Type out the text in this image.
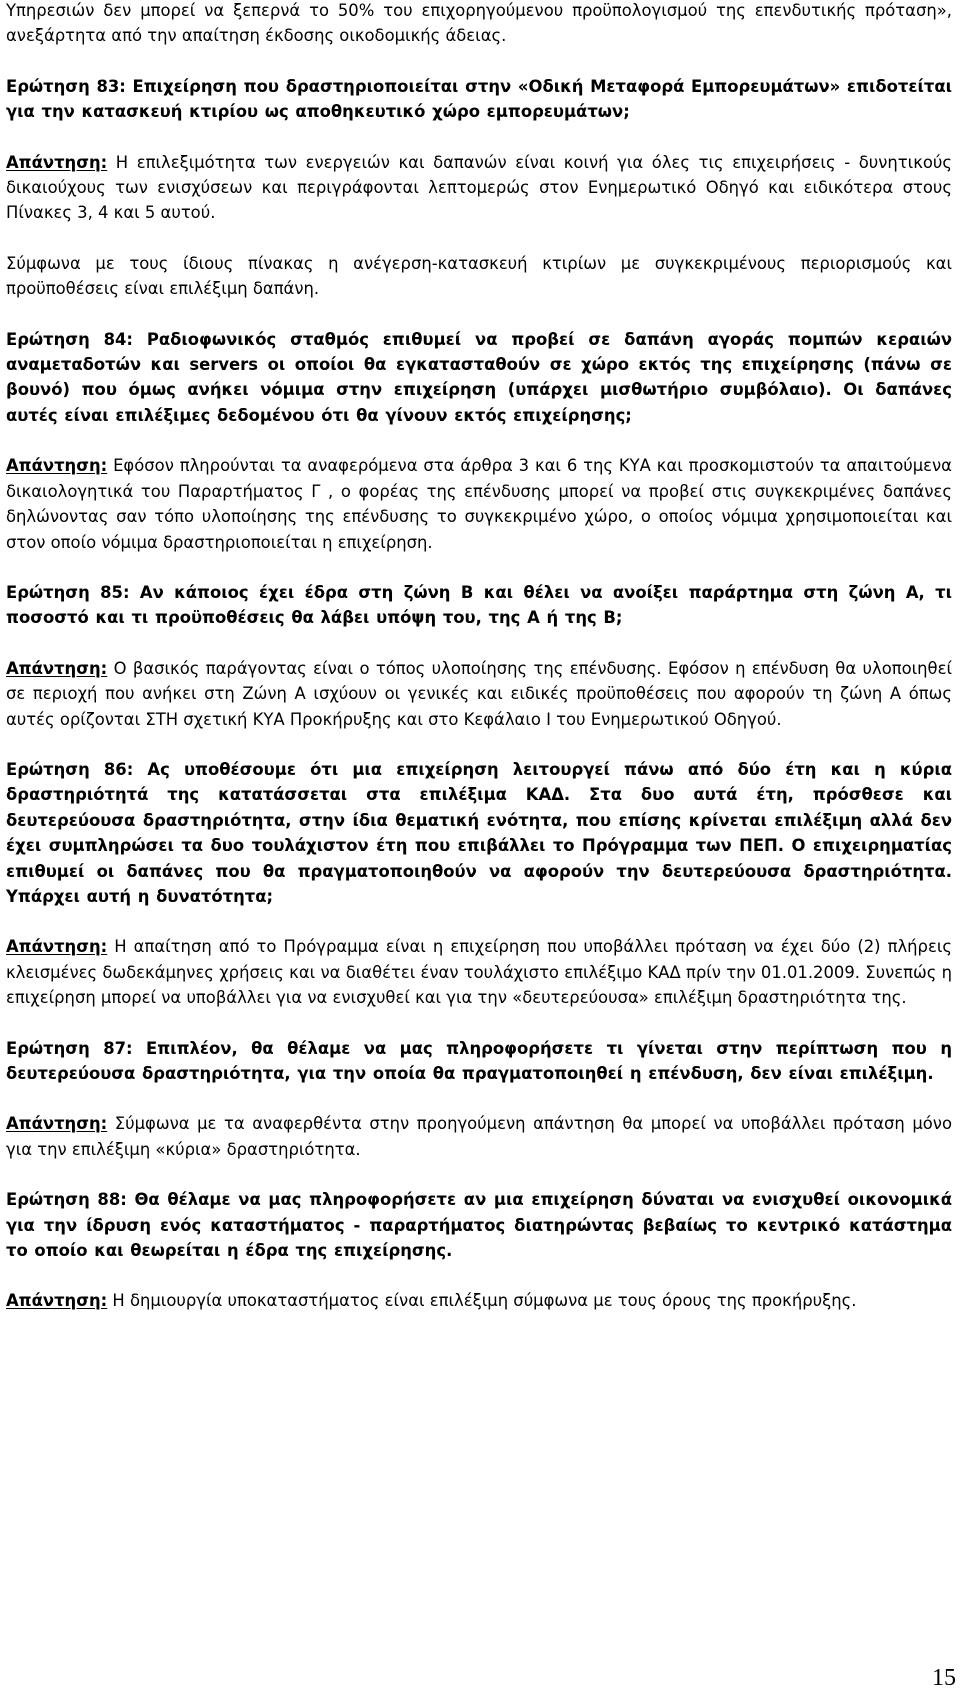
Υπηρεσιών δεν μπορεί να ξεπερνά το 50% του επιχορηγούμενου προϋπολογισμού της επενδυτικής πρόταση», ανεξάρτητα από την απαίτηση έκδοσης οικοδομικής άδειας.

Ερώτηση 83: Επιχείρηση που δραστηριοποιείται στην «Οδική Μεταφορά Εμπορευμάτων» επιδοτείται για την κατασκευή κτιρίου ως αποθηκευτικό χώρο εμπορευμάτων;

Απάντηση: Η επιλεξιμότητα των ενεργειών και δαπανών είναι κοινή για όλες τις επιχειρήσεις - δυνητικούς δικαιούχους των ενισχύσεων και περιγράφονται λεπτομερώς στον Ενημερωτικό Οδηγό και ειδικότερα στους Πίνακες 3, 4 και 5 αυτού.

Σύμφωνα με τους ίδιους πίνακας η ανέγερση-κατασκευή κτιρίων με συγκεκριμένους περιορισμούς και προϋποθέσεις είναι επιλέξιμη δαπάνη.

Ερώτηση 84: Ραδιοφωνικός σταθμός επιθυμεί να προβεί σε δαπάνη αγοράς πομπών κεραιών αναμεταδοτών και servers οι οποίοι θα εγκατασταθούν σε χώρο εκτός της επιχείρησης (πάνω σε βουνό) που όμως ανήκει νόμιμα στην επιχείρηση (υπάρχει μισθωτήριο συμβόλαιο). Οι δαπάνες αυτές είναι επιλέξιμες δεδομένου ότι θα γίνουν εκτός επιχείρησης;

Απάντηση: Εφόσον πληρούνται τα αναφερόμενα στα άρθρα 3 και 6 της ΚΥΑ και προσκομιστούν τα απαιτούμενα δικαιολογητικά του Παραρτήματος Γ , ο φορέας της επένδυσης μπορεί να προβεί στις συγκεκριμένες δαπάνες δηλώνοντας σαν τόπο υλοποίησης της επένδυσης το συγκεκριμένο χώρο, ο οποίος νόμιμα χρησιμοποιείται και στον οποίο νόμιμα δραστηριοποιείται η επιχείρηση.

Ερώτηση 85: Αν κάποιος έχει έδρα στη ζώνη Β και θέλει να ανοίξει παράρτημα στη ζώνη Α, τι ποσοστό και τι προϋποθέσεις θα λάβει υπόψη του, της Α ή της Β;

Απάντηση: Ο βασικός παράγοντας είναι ο τόπος υλοποίησης της επένδυσης. Εφόσον η επένδυση θα υλοποιηθεί σε περιοχή που ανήκει στη Ζώνη Α ισχύουν οι γενικές και ειδικές προϋποθέσεις που αφορούν τη ζώνη Α όπως αυτές ορίζονται ΣΤΗ σχετική ΚΥΑ Προκήρυξης και στο Κεφάλαιο Ι του Ενημερωτικού Οδηγού.

Ερώτηση 86: Ας υποθέσουμε ότι μια επιχείρηση λειτουργεί πάνω από δύο έτη και η κύρια δραστηριότητά της κατατάσσεται στα επιλέξιμα ΚΑΔ. Στα δυο αυτά έτη, πρόσθεσε και δευτερεύουσα δραστηριότητα, στην ίδια θεματική ενότητα, που επίσης κρίνεται επιλέξιμη αλλά δεν έχει συμπληρώσει τα δυο τουλάχιστον έτη που επιβάλλει το Πρόγραμμα των ΠΕΠ. Ο επιχειρηματίας επιθυμεί οι δαπάνες που θα πραγματοποιηθούν να αφορούν την δευτερεύουσα δραστηριότητα. Υπάρχει αυτή η δυνατότητα;

Απάντηση: Η απαίτηση από το Πρόγραμμα είναι η επιχείρηση που υποβάλλει πρόταση να έχει δύο (2) πλήρεις κλεισμένες δωδεκάμηνες χρήσεις και να διαθέτει έναν τουλάχιστο επιλέξιμο ΚΑΔ πρίν την 01.01.2009. Συνεπώς η επιχείρηση μπορεί να υποβάλλει για να ενισχυθεί και για την «δευτερεύουσα» επιλέξιμη δραστηριότητα της.

Ερώτηση 87: Επιπλέον, θα θέλαμε να μας πληροφορήσετε τι γίνεται στην περίπτωση που η δευτερεύουσα δραστηριότητα, για την οποία θα πραγματοποιηθεί η επένδυση, δεν είναι επιλέξιμη.

Απάντηση: Σύμφωνα με τα αναφερθέντα στην προηγούμενη απάντηση θα μπορεί να υποβάλλει πρόταση μόνο για την επιλέξιμη «κύρια» δραστηριότητα.

Ερώτηση 88: Θα θέλαμε να μας πληροφορήσετε αν μια επιχείρηση δύναται να ενισχυθεί οικονομικά για την ίδρυση ενός καταστήματος - παραρτήματος διατηρώντας βεβαίως το κεντρικό κατάστημα το οποίο και θεωρείται η έδρα της επιχείρησης.

Απάντηση: Η δημιουργία υποκαταστήματος είναι επιλέξιμη σύμφωνα με τους όρους της προκήρυξης.

15
